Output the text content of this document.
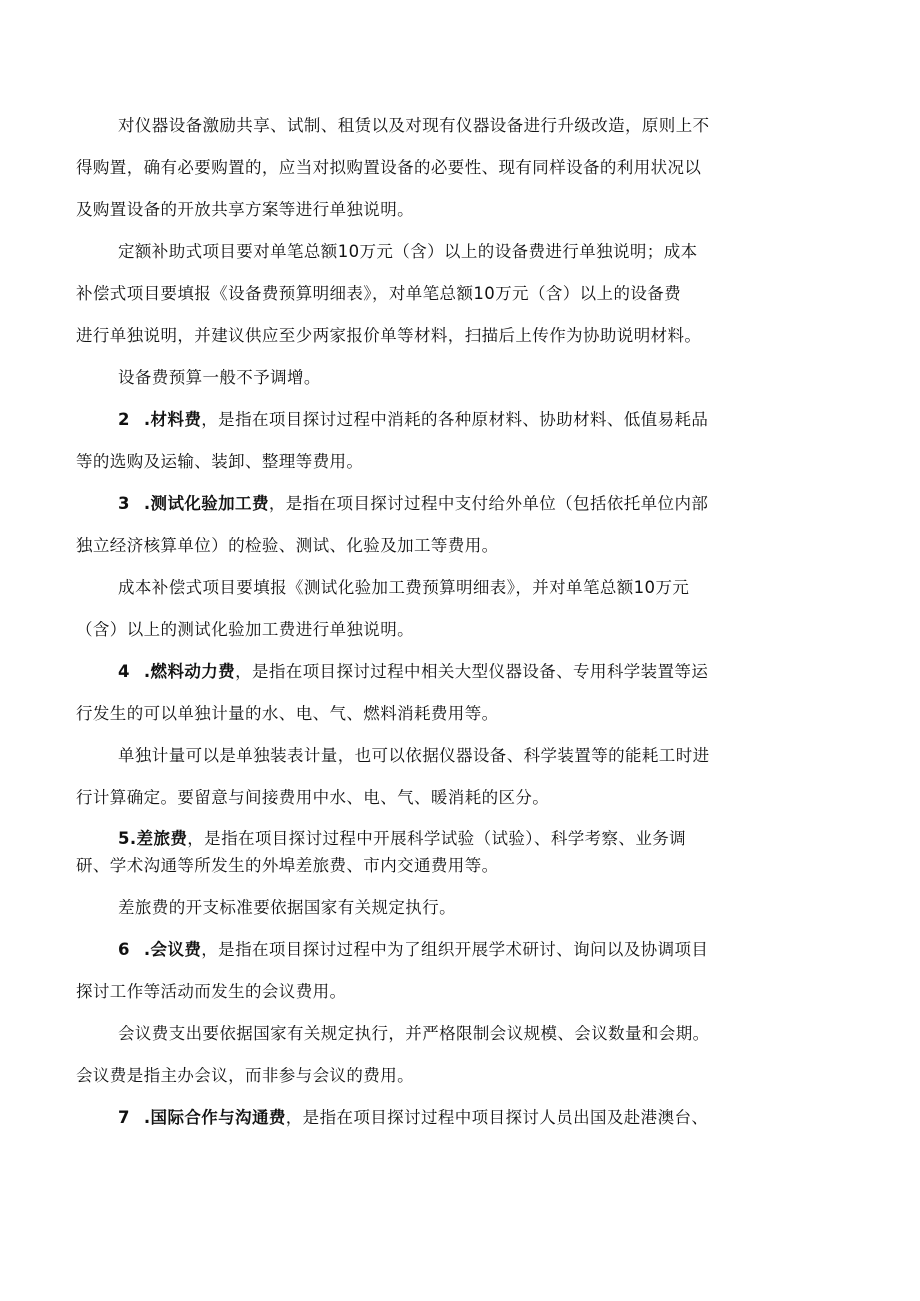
对仪器设备激励共享、试制、租赁以及对现有仪器设备进行升级改造，原则上不
得购置，确有必要购置的，应当对拟购置设备的必要性、现有同样设备的利用状况以
及购置设备的开放共享方案等进行单独说明。

定额补助式项目要对单笔总额10万元（含）以上的设备费进行单独说明；成本
补偿式项目要填报《设备费预算明细表》，对单笔总额10万元（含）以上的设备费
进行单独说明，并建议供应至少两家报价单等材料，扫描后上传作为协助说明材料。

设备费预算一般不予调增。

2 .材料费，是指在项目探讨过程中消耗的各种原材料、协助材料、低值易耗品
等的选购及运输、装卸、整理等费用。

3 .测试化验加工费，是指在项目探讨过程中支付给外单位（包括依托单位内部
独立经济核算单位）的检验、测试、化验及加工等费用。

成本补偿式项目要填报《测试化验加工费预算明细表》，并对单笔总额10万元
（含）以上的测试化验加工费进行单独说明。

4 .燃料动力费，是指在项目探讨过程中相关大型仪器设备、专用科学装置等运
行发生的可以单独计量的水、电、气、燃料消耗费用等。

单独计量可以是单独装表计量，也可以依据仪器设备、科学装置等的能耗工时进
行计算确定。要留意与间接费用中水、电、气、暖消耗的区分。

5.差旅费，是指在项目探讨过程中开展科学试验（试验）、科学考察、业务调
研、学术沟通等所发生的外埠差旅费、市内交通费用等。

差旅费的开支标准要依据国家有关规定执行。

6 .会议费，是指在项目探讨过程中为了组织开展学术研讨、询问以及协调项目
探讨工作等活动而发生的会议费用。

会议费支出要依据国家有关规定执行，并严格限制会议规模、会议数量和会期。
会议费是指主办会议，而非参与会议的费用。

7 .国际合作与沟通费，是指在项目探讨过程中项目探讨人员出国及赴港澳台、
